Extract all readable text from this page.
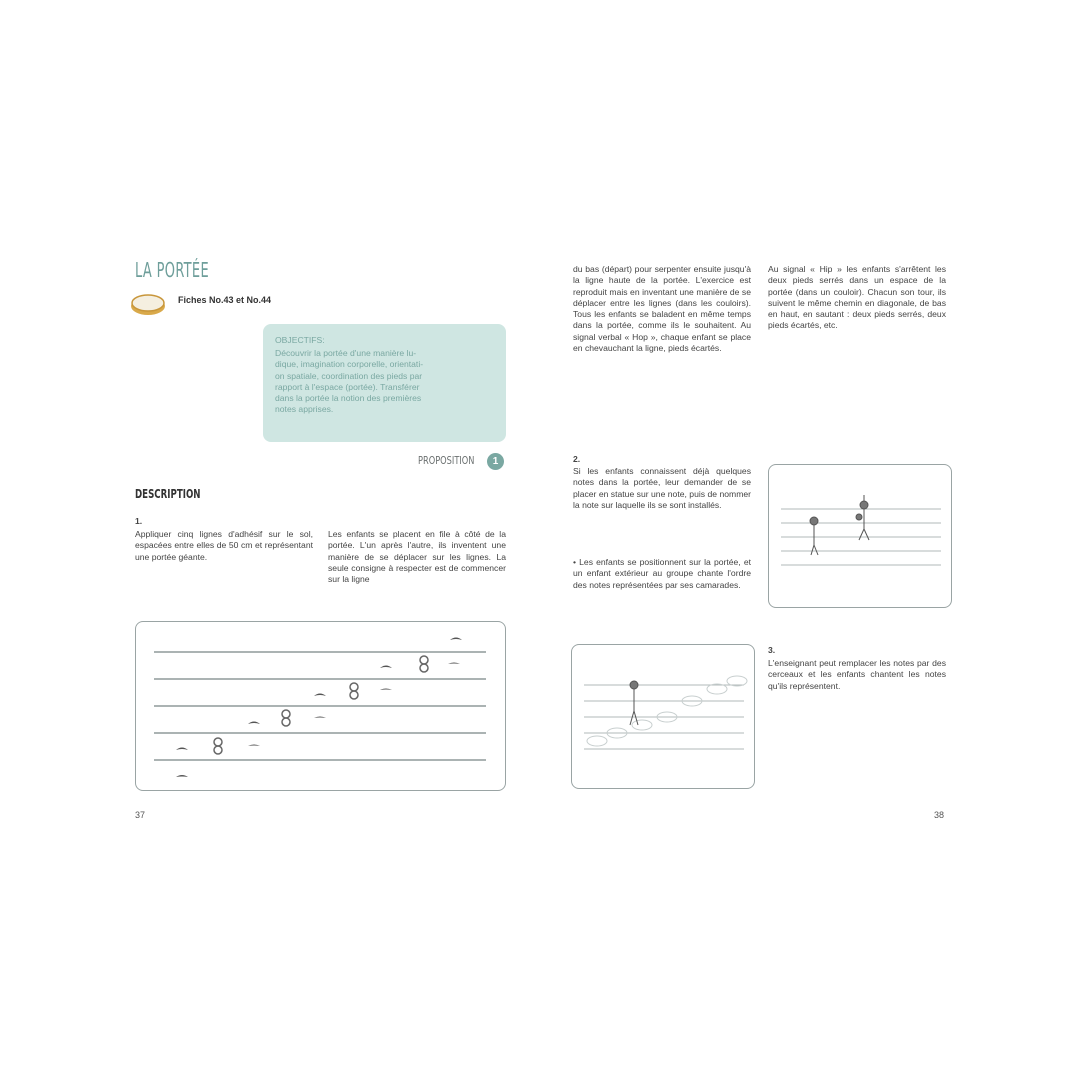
LA PORTÉE
Fiches No.43 et No.44
OBJECTIFS:
Découvrir la portée d'une manière lu-
dique, imagination corporelle, orientati-
on spatiale, coordination des pieds par
rapport à l'espace (portée). Transférer
dans la portée la notion des premières
notes apprises.
PROPOSITION	1
DESCRIPTION
1.
Appliquer cinq lignes d'adhésif sur le sol, espacées entre elles de 50 cm et représentant une portée géante.
Les enfants se placent en file à côté de la portée. L'un après l'autre, ils inventent une manière de se déplacer sur les lignes. La seule consigne à respecter est de commencer sur la ligne
37
du bas (départ) pour serpenter ensuite jusqu'à la ligne haute de la portée. L'exercice est reproduit mais en inventant une manière de se déplacer entre les lignes (dans les couloirs). Tous les enfants se baladent en même temps dans la portée, comme ils le souhaitent. Au signal verbal « Hop », chaque enfant se place en chevauchant la ligne, pieds écartés.
Au signal « Hip » les enfants s'arrêtent les deux pieds serrés dans un espace de la portée (dans un couloir). Chacun son tour, ils suivent le même chemin en diagonale, de bas en haut, en sautant : deux pieds serrés, deux pieds écartés, etc.
2.
Si les enfants connaissent déjà quelques notes dans la portée, leur demander de se placer en statue sur une note, puis de nommer la note sur laquelle ils se sont installés.
• Les enfants se positionnent sur la portée, et un enfant extérieur au groupe chante l'ordre des notes représentées par ses camarades.
3.
L'enseignant peut remplacer les notes par des cerceaux et les enfants chantent les notes qu'ils représentent.
38
